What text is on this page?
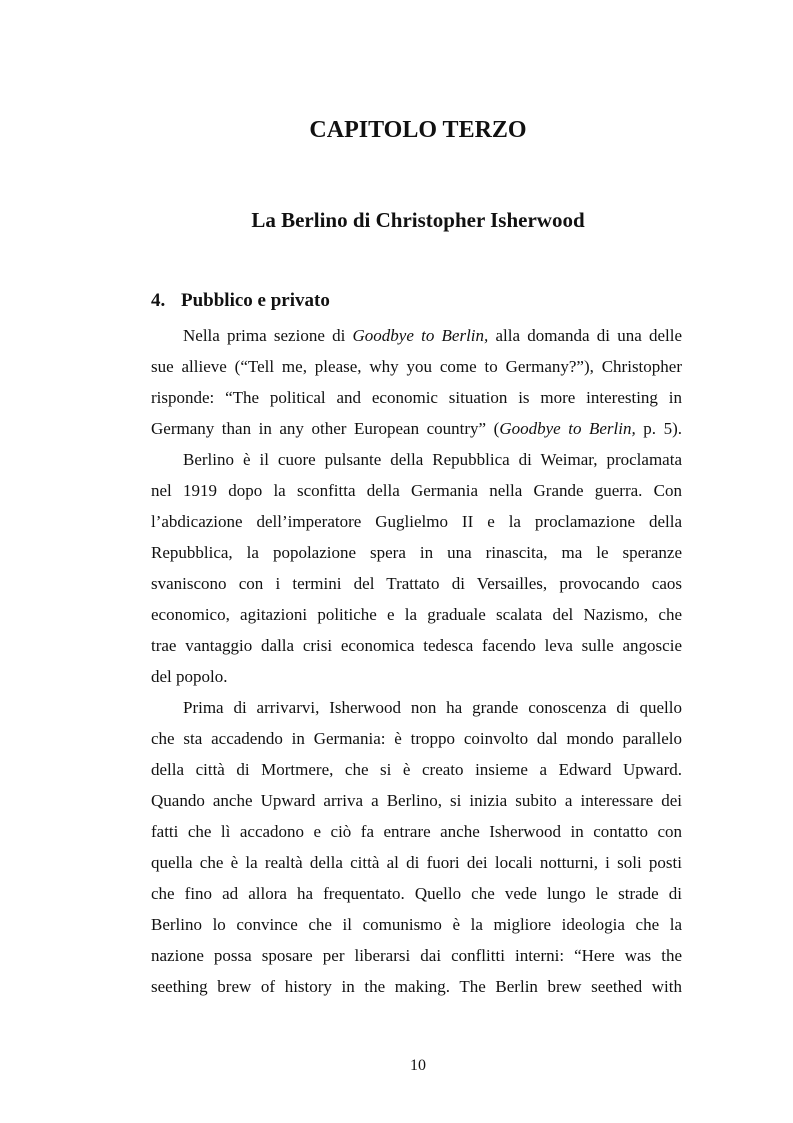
CAPITOLO TERZO
La Berlino di Christopher Isherwood
4. Pubblico e privato
Nella prima sezione di Goodbye to Berlin, alla domanda di una delle
sue allieve (“Tell me, please, why you come to Germany?”), Christopher
risponde: “The political and economic situation is more interesting in
Germany than in any other European country” (Goodbye to Berlin, p. 5).
Berlino è il cuore pulsante della Repubblica di Weimar, proclamata
nel 1919 dopo la sconfitta della Germania nella Grande guerra. Con
l’abdicazione dell’imperatore Guglielmo II e la proclamazione della
Repubblica, la popolazione spera in una rinascita, ma le speranze
svaniscono con i termini del Trattato di Versailles, provocando caos
economico, agitazioni politiche e la graduale scalata del Nazismo, che
trae vantaggio dalla crisi economica tedesca facendo leva sulle angoscie
del popolo.
Prima di arrivarvi, Isherwood non ha grande conoscenza di quello
che sta accadendo in Germania: è troppo coinvolto dal mondo parallelo
della città di Mortmere, che si è creato insieme a Edward Upward.
Quando anche Upward arriva a Berlino, si inizia subito a interessare dei
fatti che lì accadono e ciò fa entrare anche Isherwood in contatto con
quella che è la realtà della città al di fuori dei locali notturni, i soli posti
che fino ad allora ha frequentato. Quello che vede lungo le strade di
Berlino lo convince che il comunismo è la migliore ideologia che la
nazione possa sposare per liberarsi dai conflitti interni: “Here was the
seething brew of history in the making. The Berlin brew seethed with
10
